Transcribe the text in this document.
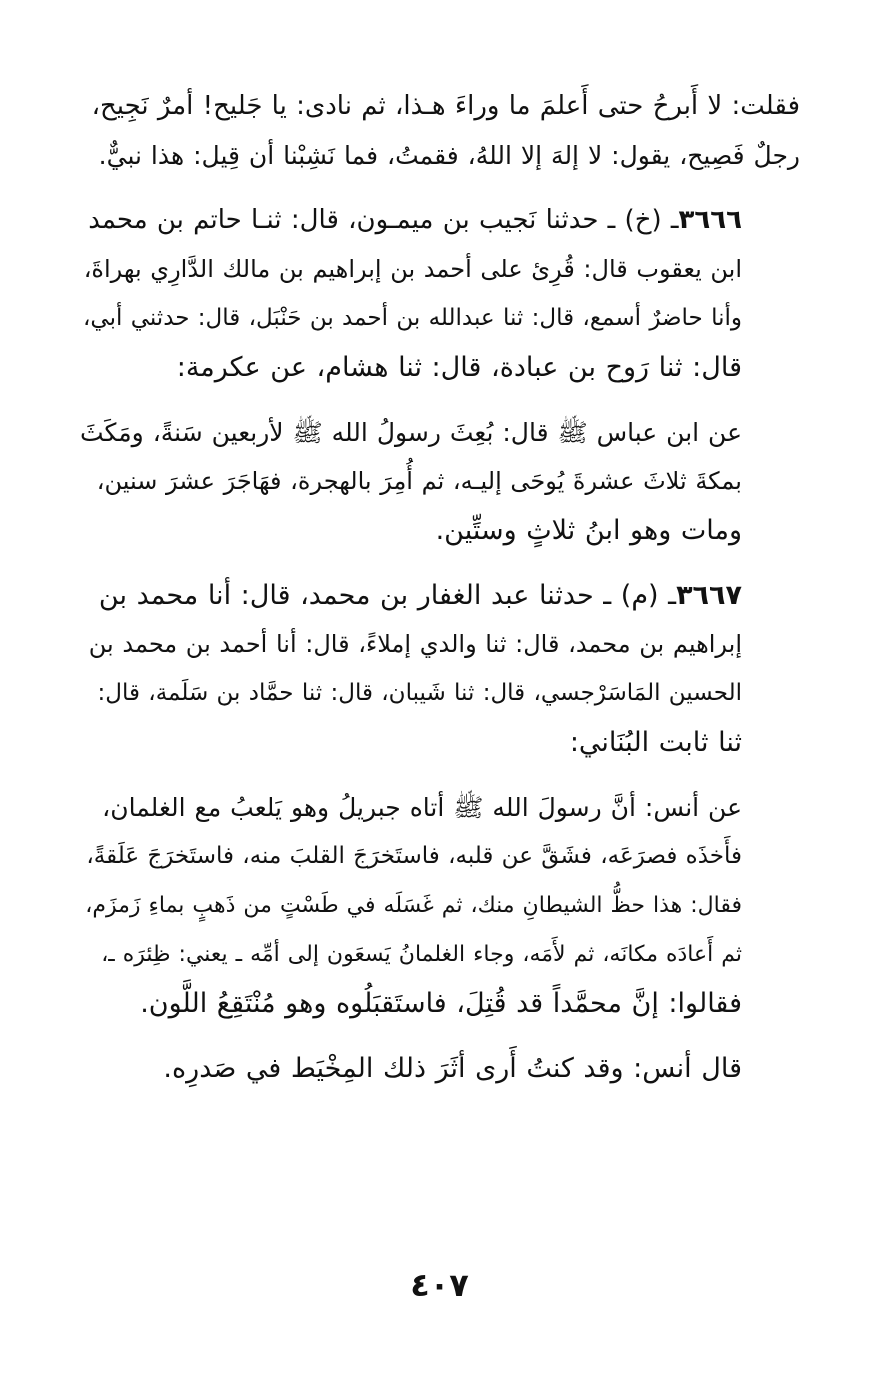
فقلت: لا أَبرحُ حتى أَعلمَ ما وراءَ هـذا، ثم نادى: يا جَليح! أمرٌ نَجِيح،
رجلٌ فَصِيح، يقول: لا إلهَ إلا اللهُ، فقمتُ، فما نَشِبْنا أن قِيل: هذا نبيٌّ.

٣٦٦٦ـ (خ) ـ حدثنا نَجيب بن ميمـون، قال: ثنـا حاتم بن محمد
ابن يعقوب قال: قُرِئ على أحمد بن إبراهيم بن مالك الدَّارِي بهراةَ،
وأنا حاضرٌ أسمع، قال: ثنا عبدالله بن أحمد بن حَنْبَل، قال: حدثني أبي،
قال: ثنا رَوح بن عبادة، قال: ثنا هشام، عن عكرمة:

عن ابن عباس ﷺ قال: بُعِثَ رسولُ الله ﷺ لأربعين سَنةً، ومَكَثَ
بمكةَ ثلاثَ عشرةَ يُوحَى إليـه، ثم أُمِرَ بالهجرة، فهَاجَرَ عشرَ سنين،
ومات وهو ابنُ ثلاثٍ وستِّين.

٣٦٦٧ـ (م) ـ حدثنا عبد الغفار بن محمد، قال: أنا محمد بن
إبراهيم بن محمد، قال: ثنا والدي إملاءً، قال: أنا أحمد بن محمد بن
الحسين المَاسَرْجسي، قال: ثنا شَيبان، قال: ثنا حمَّاد بن سَلَمة، قال:
ثنا ثابت البُنَاني:

عن أنس: أنَّ رسولَ الله ﷺ أتاه جبريلُ وهو يَلعبُ مع الغلمان،
فأَخذَه فصرَعَه، فشَقَّ عن قلبه، فاستَخرَجَ القلبَ منه، فاستَخرَجَ عَلَقةً،
فقال: هذا حظُّ الشيطانِ منك، ثم غَسَلَه في طَسْتٍ من ذَهبٍ بماءِ زَمزَم،
ثم أَعادَه مكانَه، ثم لأَمَه، وجاء الغلمانُ يَسعَون إلى أمِّه ـ يعني: ظِئرَه ـ،
فقالوا: إنَّ محمَّداً قد قُتِلَ، فاستَقبَلُوه وهو مُنْتَقِعُ اللَّون.

قال أنس: وقد كنتُ أَرى أثَرَ ذلك المِخْيَط في صَدرِه.

٤٠٧
